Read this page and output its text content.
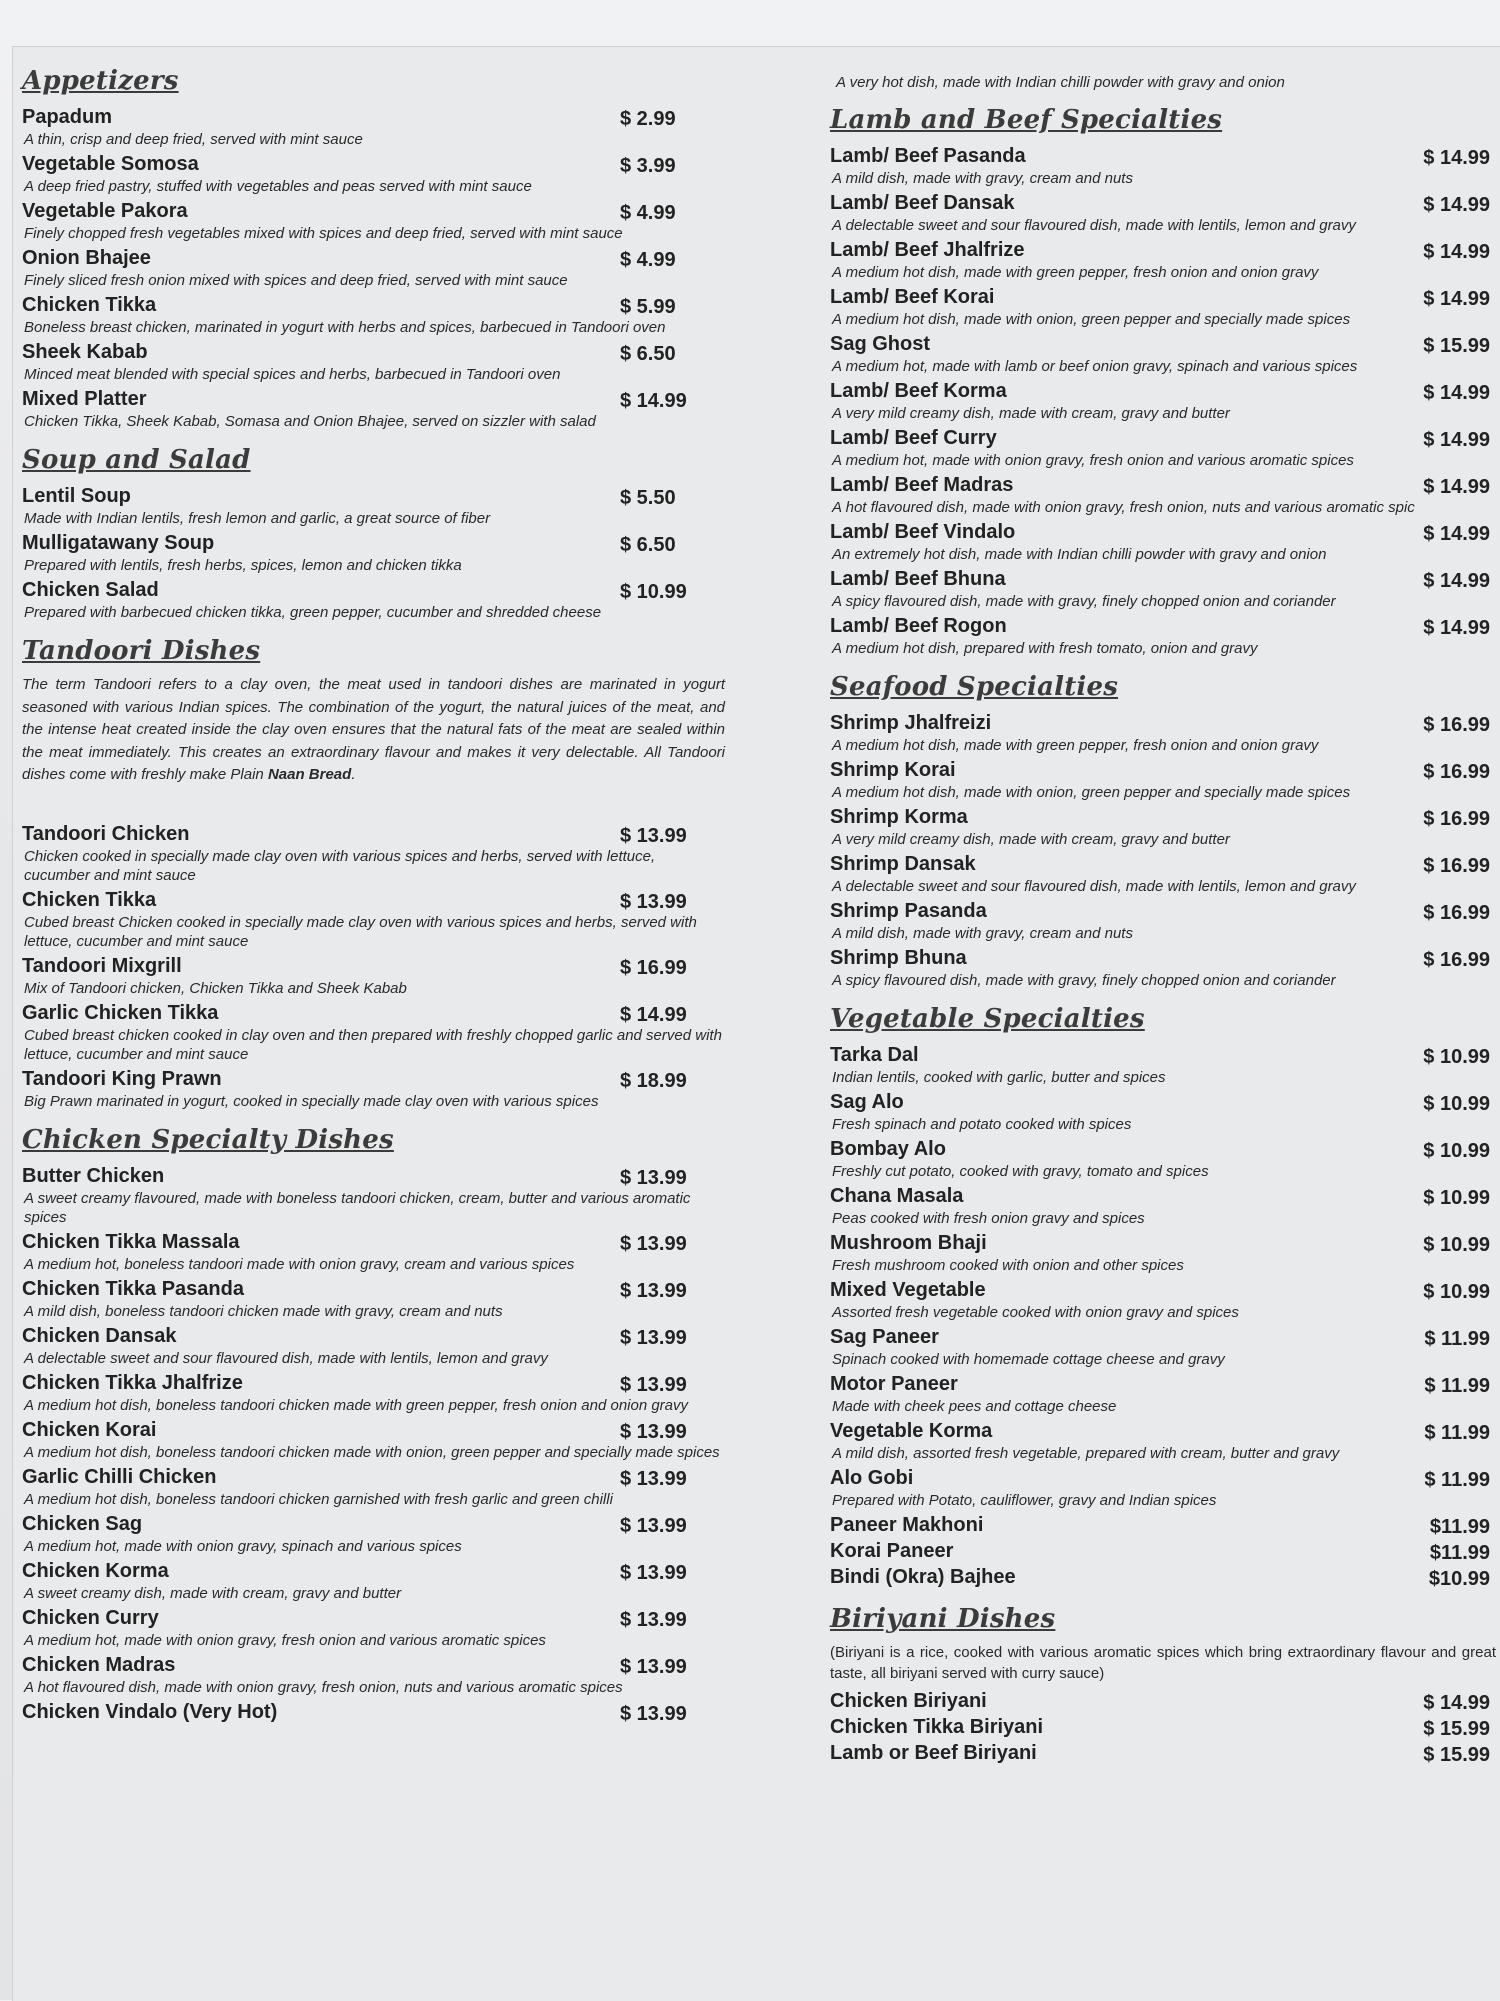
Appetizers
Papadum	$ 2.99
A thin, crisp and deep fried, served with mint sauce
Vegetable Somosa	$ 3.99
A deep fried pastry, stuffed with vegetables and peas served with mint sauce
Vegetable Pakora	$ 4.99
Finely chopped fresh vegetables mixed with spices and deep fried, served with mint sauce
Onion Bhajee	$ 4.99
Finely sliced fresh onion mixed with spices and deep fried, served with mint sauce
Chicken Tikka	$ 5.99
Boneless breast chicken, marinated in yogurt with herbs and spices, barbecued in Tandoori oven
Sheek Kabab	$ 6.50
Minced meat blended with special spices and herbs, barbecued in Tandoori oven
Mixed Platter	$ 14.99
Chicken Tikka, Sheek Kabab, Somasa and Onion Bhajee, served on sizzler with salad
Soup and Salad
Lentil Soup	$ 5.50
Made with Indian lentils, fresh lemon and garlic, a great source of fiber
Mulligatawany Soup	$ 6.50
Prepared with lentils, fresh herbs, spices, lemon and chicken tikka
Chicken Salad	$ 10.99
Prepared with barbecued chicken tikka, green pepper, cucumber and shredded cheese
Tandoori Dishes

The term Tandoori refers to a clay oven, the meat used in tandoori dishes are marinated in yogurt seasoned with various Indian spices. The combination of the yogurt, the natural juices of the meat, and the intense heat created inside the clay oven ensures that the natural fats of the meat are sealed within the meat immediately. This creates an extraordinary flavour and makes it very delectable. All Tandoori dishes come with freshly make Plain Naan Bread.

Tandoori Chicken	$ 13.99
Chicken cooked in specially made clay oven with various spices and herbs, served with lettuce, cucumber and mint sauce
Chicken Tikka	$ 13.99
Cubed breast Chicken cooked in specially made clay oven with various spices and herbs, served with lettuce, cucumber and mint sauce
Tandoori Mixgrill	$ 16.99
Mix of Tandoori chicken, Chicken Tikka and Sheek Kabab
Garlic Chicken Tikka	$ 14.99
Cubed breast chicken cooked in clay oven and then prepared with freshly chopped garlic and served with lettuce, cucumber and mint sauce
Tandoori King Prawn	$ 18.99
Big Prawn marinated in yogurt, cooked in specially made clay oven with various spices
Chicken Specialty Dishes
Butter Chicken	$ 13.99
A sweet creamy flavoured, made with boneless tandoori chicken, cream, butter and various aromatic spices
Chicken Tikka Massala	$ 13.99
A medium hot, boneless tandoori made with onion gravy, cream and various spices
Chicken Tikka Pasanda	$ 13.99
A mild dish, boneless tandoori chicken made with gravy, cream and nuts
Chicken Dansak	$ 13.99
A delectable sweet and sour flavoured dish, made with lentils, lemon and gravy
Chicken Tikka Jhalfrize	$ 13.99
A medium hot dish, boneless tandoori chicken made with green pepper, fresh onion and onion gravy
Chicken Korai	$ 13.99
A medium hot dish, boneless tandoori chicken made with onion, green pepper and specially made spices
Garlic Chilli Chicken	$ 13.99
A medium hot dish, boneless tandoori chicken garnished with fresh garlic and green chilli
Chicken Sag	$ 13.99
A medium hot, made with onion gravy, spinach and various spices
Chicken Korma	$ 13.99
A sweet creamy dish, made with cream, gravy and butter
Chicken Curry	$ 13.99
A medium hot, made with onion gravy, fresh onion and various aromatic spices
Chicken Madras	$ 13.99
A hot flavoured dish, made with onion gravy, fresh onion, nuts and various aromatic spices
Chicken Vindalo (Very Hot)	$ 13.99
A very hot dish, made with Indian chilli powder with gravy and onion
Lamb and Beef Specialties
Lamb/ Beef Pasanda	$ 14.99
A mild dish, made with gravy, cream and nuts
Lamb/ Beef Dansak	$ 14.99
A delectable sweet and sour flavoured dish, made with lentils, lemon and gravy
Lamb/ Beef Jhalfrize	$ 14.99
A medium hot dish, made with green pepper, fresh onion and onion gravy
Lamb/ Beef Korai	$ 14.99
A medium hot dish, made with onion, green pepper and specially made spices
Sag Ghost	$ 15.99
A medium hot, made with lamb or beef onion gravy, spinach and various spices
Lamb/ Beef Korma	$ 14.99
A very mild creamy dish, made with cream, gravy and butter
Lamb/ Beef Curry	$ 14.99
A medium hot, made with onion gravy, fresh onion and various aromatic spices
Lamb/ Beef Madras	$ 14.99
A hot flavoured dish, made with onion gravy, fresh onion, nuts and various aromatic spic
Lamb/ Beef Vindalo	$ 14.99
An extremely hot dish, made with Indian chilli powder with gravy and onion
Lamb/ Beef Bhuna	$ 14.99
A spicy flavoured dish, made with gravy, finely chopped onion and coriander
Lamb/ Beef Rogon	$ 14.99
A medium hot dish, prepared with fresh tomato, onion and gravy
Seafood Specialties
Shrimp Jhalfreizi	$ 16.99
A medium hot dish, made with green pepper, fresh onion and onion gravy
Shrimp Korai	$ 16.99
A medium hot dish, made with onion, green pepper and specially made spices
Shrimp Korma	$ 16.99
A very mild creamy dish, made with cream, gravy and butter
Shrimp Dansak	$ 16.99
A delectable sweet and sour flavoured dish, made with lentils, lemon and gravy
Shrimp Pasanda	$ 16.99
A mild dish, made with gravy, cream and nuts
Shrimp Bhuna	$ 16.99
A spicy flavoured dish, made with gravy, finely chopped onion and coriander
Vegetable Specialties
Tarka Dal	$ 10.99
Indian lentils, cooked with garlic, butter and spices
Sag Alo	$ 10.99
Fresh spinach and potato cooked with spices
Bombay Alo	$ 10.99
Freshly cut potato, cooked with gravy, tomato and spices
Chana Masala	$ 10.99
Peas cooked with fresh onion gravy and spices
Mushroom Bhaji	$ 10.99
Fresh mushroom cooked with onion and other spices
Mixed Vegetable	$ 10.99
Assorted fresh vegetable cooked with onion gravy and spices
Sag Paneer	$ 11.99
Spinach cooked with homemade cottage cheese and gravy
Motor Paneer	$ 11.99
Made with cheek pees and cottage cheese
Vegetable Korma	$ 11.99
A mild dish, assorted fresh vegetable, prepared with cream, butter and gravy
Alo Gobi	$ 11.99
Prepared with Potato, cauliflower, gravy and Indian spices
Paneer Makhoni	$11.99
Korai Paneer	$11.99
Bindi (Okra) Bajhee	$10.99
Biriyani Dishes
(Biriyani is a rice, cooked with various aromatic spices which bring extraordinary flavour and great taste, all biriyani served with curry sauce)
Chicken Biriyani	$ 14.99
Chicken Tikka Biriyani	$ 15.99
Lamb or Beef Biriyani	$ 15.99
